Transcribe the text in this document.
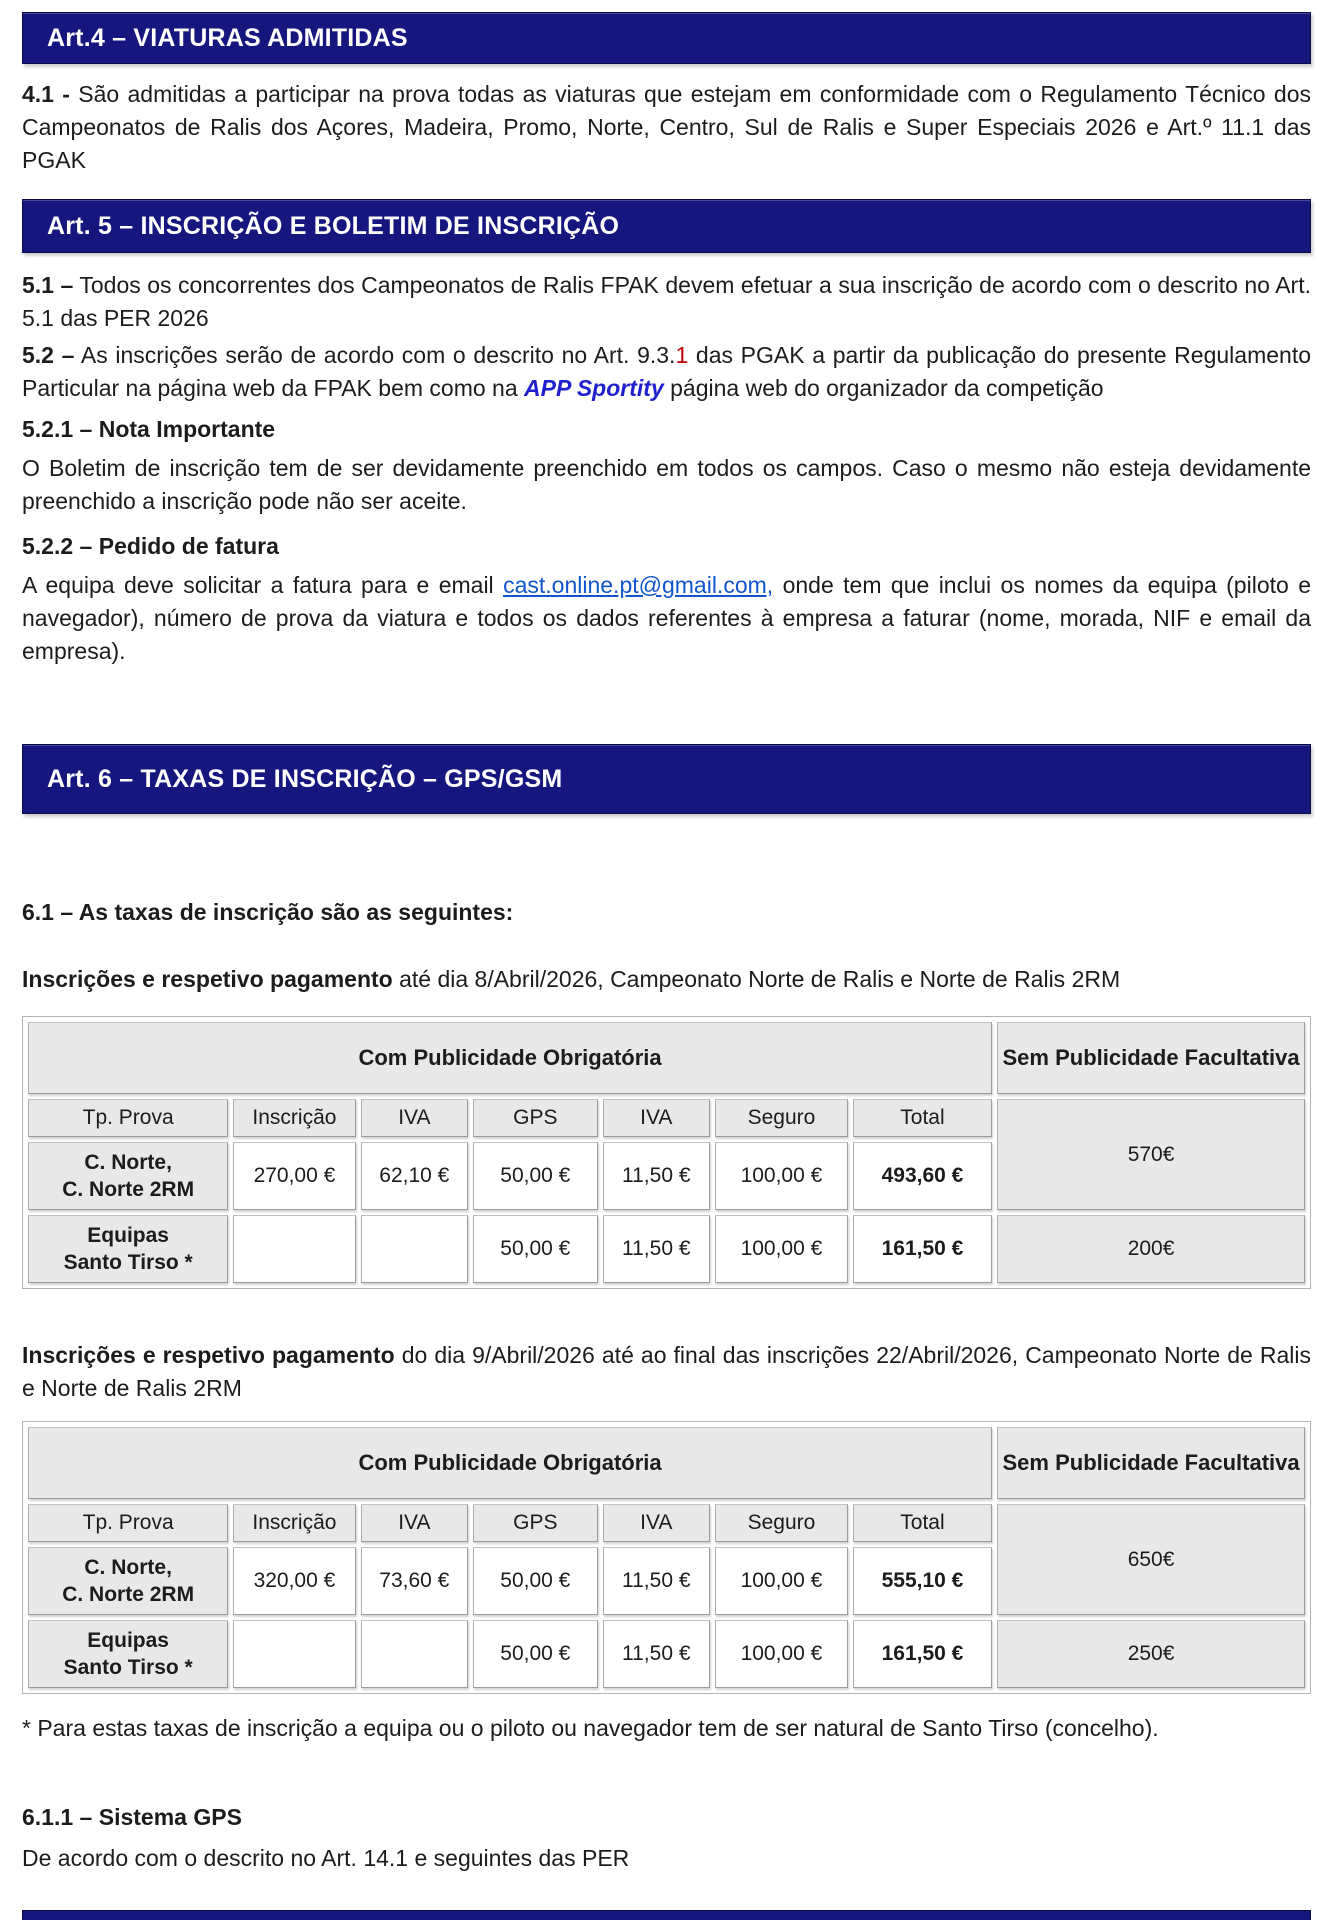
Art.4 – VIATURAS ADMITIDAS

4.1 - São admitidas a participar na prova todas as viaturas que estejam em conformidade com o Regulamento Técnico dos Campeonatos de Ralis dos Açores, Madeira, Promo, Norte, Centro, Sul de Ralis e Super Especiais 2026 e Art.º 11.1 das PGAK

Art. 5 – INSCRIÇÃO E BOLETIM DE INSCRIÇÃO

5.1 – Todos os concorrentes dos Campeonatos de Ralis FPAK devem efetuar a sua inscrição de acordo com o descrito no Art. 5.1 das PER 2026

5.2 – As inscrições serão de acordo com o descrito no Art. 9.3.1 das PGAK a partir da publicação do presente Regulamento Particular na página web da FPAK bem como na APP Sportity página web do organizador da competição

5.2.1 – Nota Importante

O Boletim de inscrição tem de ser devidamente preenchido em todos os campos. Caso o mesmo não esteja devidamente preenchido a inscrição pode não ser aceite.

5.2.2 – Pedido de fatura

A equipa deve solicitar a fatura para e email cast.online.pt@gmail.com, onde tem que inclui os nomes da equipa (piloto e navegador), número de prova da viatura e todos os dados referentes à empresa a faturar (nome, morada, NIF e email da empresa).

Art. 6 – TAXAS DE INSCRIÇÃO – GPS/GSM

6.1 – As taxas de inscrição são as seguintes:

Inscrições e respetivo pagamento até dia 8/Abril/2026, Campeonato Norte de Ralis e Norte de Ralis 2RM

Com Publicidade Obrigatória							Sem Publicidade Facultativa
Tp. Prova	Inscrição	IVA	GPS	IVA	Seguro	Total	570€
C. Norte,
C. Norte 2RM	270,00 €	62,10 €	50,00 €	11,50 €	100,00 €	493,60 €	
Equipas
Santo Tirso *			50,00 €	11,50 €	100,00 €	161,50 €	200€

Inscrições e respetivo pagamento do dia 9/Abril/2026 até ao final das inscrições 22/Abril/2026, Campeonato Norte de Ralis e Norte de Ralis 2RM

Com Publicidade Obrigatória							Sem Publicidade Facultativa
Tp. Prova	Inscrição	IVA	GPS	IVA	Seguro	Total	650€
C. Norte,
C. Norte 2RM	320,00 €	73,60 €	50,00 €	11,50 €	100,00 €	555,10 €	
Equipas
Santo Tirso *			50,00 €	11,50 €	100,00 €	161,50 €	250€

* Para estas taxas de inscrição a equipa ou o piloto ou navegador tem de ser natural de Santo Tirso (concelho).

6.1.1 – Sistema GPS

De acordo com o descrito no Art. 14.1 e seguintes das PER
